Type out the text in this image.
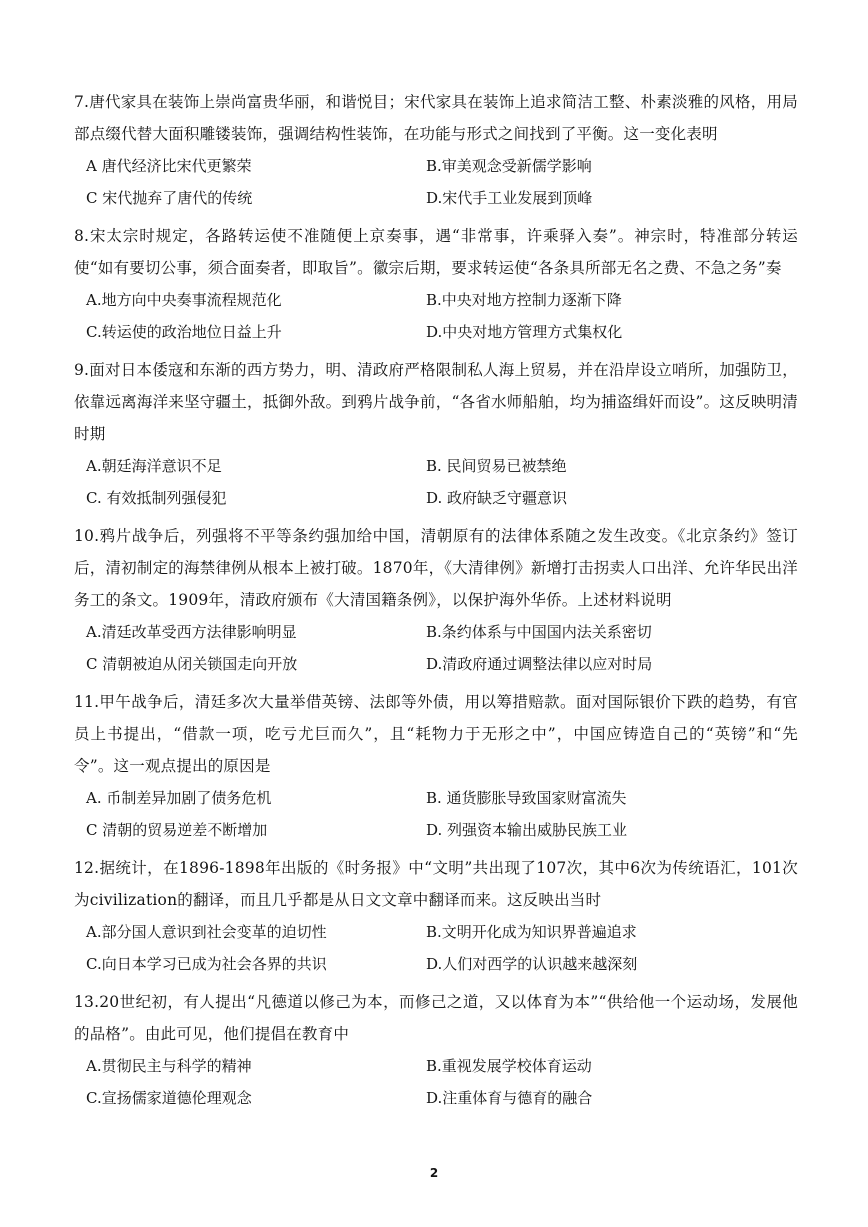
7.唐代家具在装饰上崇尚富贵华丽，和谐悦目；宋代家具在装饰上追求简洁工整、朴素淡雅的风格，用局部点缀代替大面积雕镂装饰，强调结构性装饰，在功能与形式之间找到了平衡。这一变化表明

A 唐代经济比宋代更繁荣	B.审美观念受新儒学影响
C 宋代抛弃了唐代的传统	D.宋代手工业发展到顶峰

8.宋太宗时规定，各路转运使不准随便上京奏事，遇“非常事，许乘驿入奏”。神宗时，特准部分转运使“如有要切公事，须合面奏者，即取旨”。徽宗后期，要求转运使“各条具所部无名之费、不急之务”奏

A.地方向中央奏事流程规范化	B.中央对地方控制力逐渐下降
C.转运使的政治地位日益上升	D.中央对地方管理方式集权化

9.面对日本倭寇和东渐的西方势力，明、清政府严格限制私人海上贸易，并在沿岸设立哨所，加强防卫，依靠远离海洋来坚守疆土，抵御外敌。到鸦片战争前，“各省水师船舶，均为捕盗缉奸而设”。这反映明清时期

A.朝廷海洋意识不足	B. 民间贸易已被禁绝
C. 有效抵制列强侵犯	D. 政府缺乏守疆意识

10.鸦片战争后，列强将不平等条约强加给中国，清朝原有的法律体系随之发生改变。《北京条约》签订后，清初制定的海禁律例从根本上被打破。1870年，《大清律例》新增打击拐卖人口出洋、允许华民出洋务工的条文。1909年，清政府颁布《大清国籍条例》，以保护海外华侨。上述材料说明

A.清廷改革受西方法律影响明显	B.条约体系与中国国内法关系密切
C 清朝被迫从闭关锁国走向开放	D.清政府通过调整法律以应对时局

11.甲午战争后，清廷多次大量举借英镑、法郎等外债，用以筹措赔款。面对国际银价下跌的趋势，有官员上书提出，“借款一项，吃亏尤巨而久”，且“耗物力于无形之中”，中国应铸造自己的“英镑”和“先令”。这一观点提出的原因是

A. 币制差异加剧了债务危机	B. 通货膨胀导致国家财富流失
C 清朝的贸易逆差不断增加	D. 列强资本输出威胁民族工业

12.据统计，在1896-1898年出版的《时务报》中“文明”共出现了107次，其中6次为传统语汇，101次为civilization的翻译，而且几乎都是从日文文章中翻译而来。这反映出当时

A.部分国人意识到社会变革的迫切性	B.文明开化成为知识界普遍追求
C.向日本学习已成为社会各界的共识	D.人们对西学的认识越来越深刻

13.20世纪初，有人提出“凡德道以修己为本，而修己之道，又以体育为本”“供给他一个运动场，发展他的品格”。由此可见，他们提倡在教育中

A.贯彻民主与科学的精神	B.重视发展学校体育运动
C.宣扬儒家道德伦理观念	D.注重体育与德育的融合
2
